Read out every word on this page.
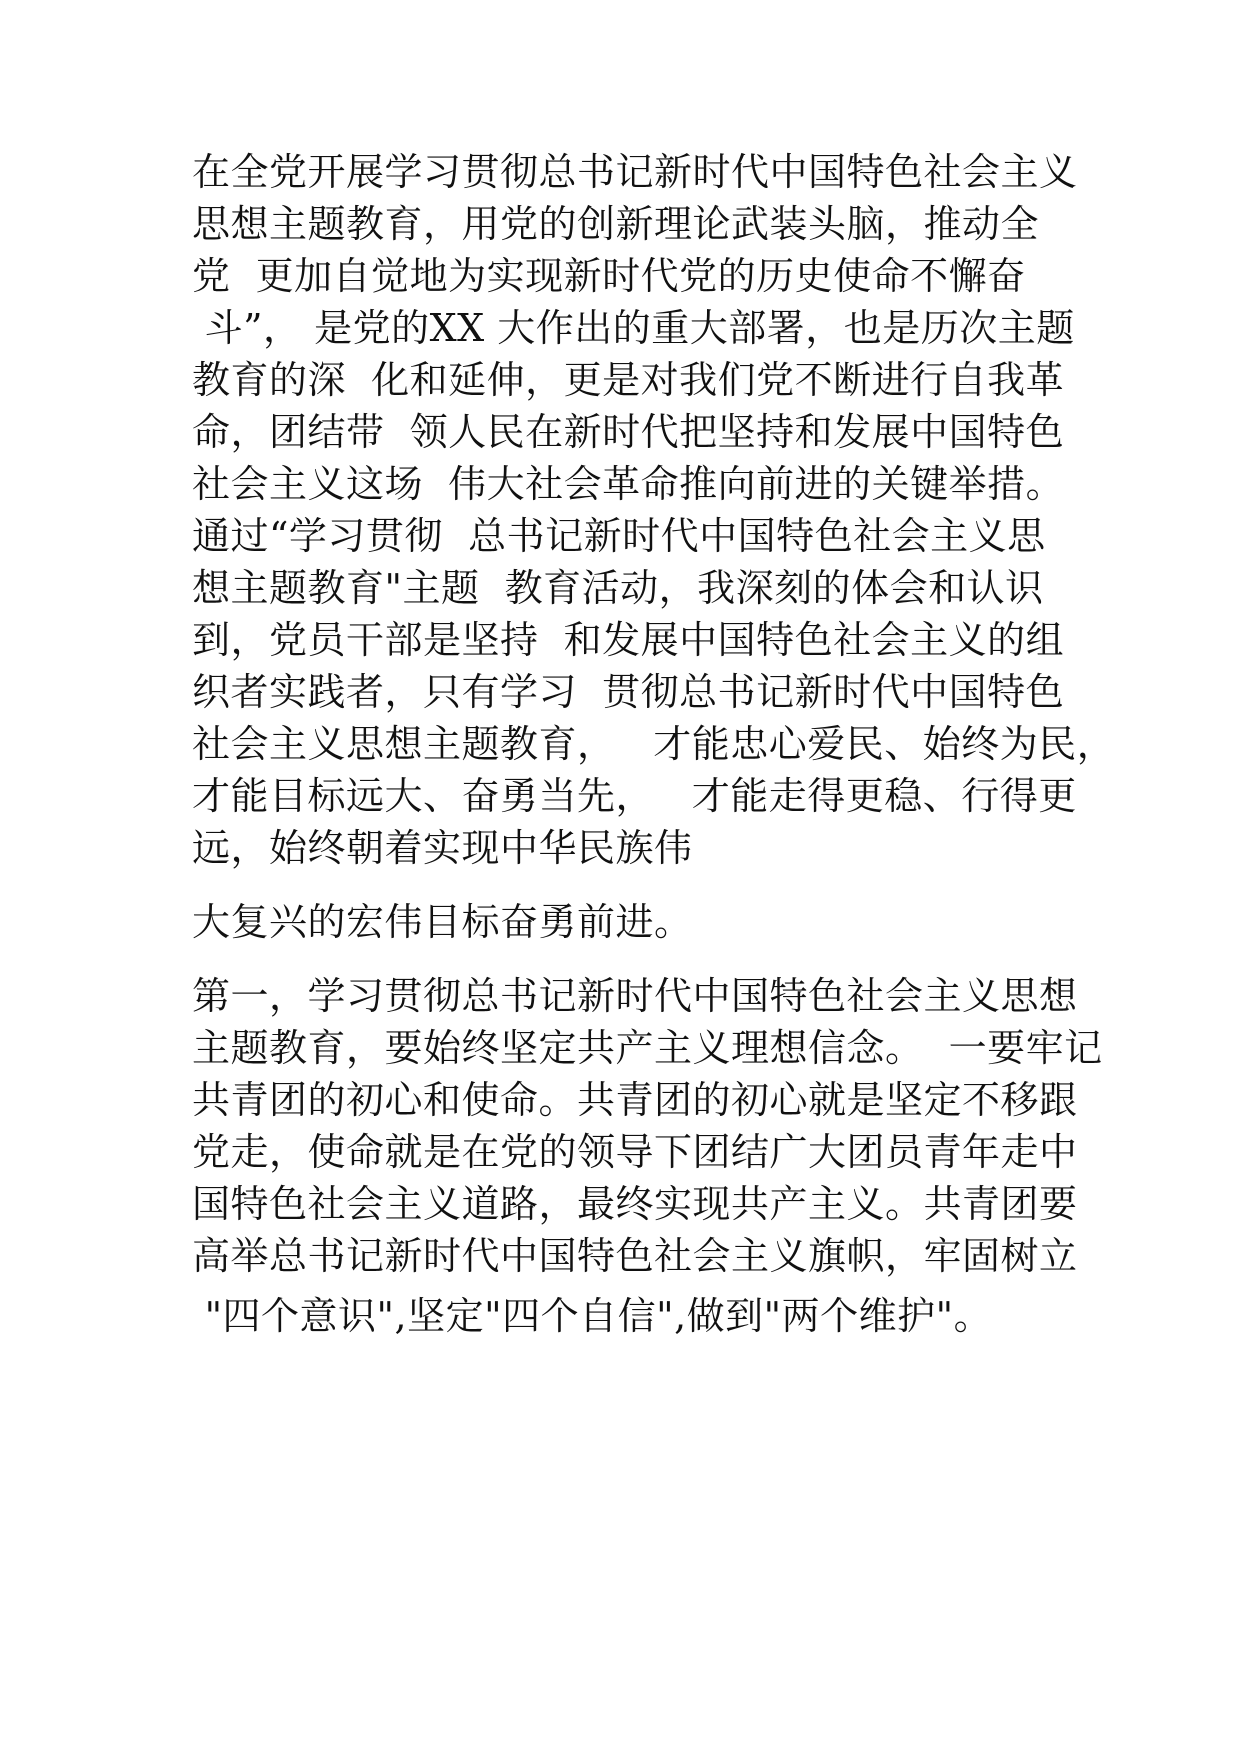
在全党开展学习贯彻总书记新时代中国特色社会主义
思想主题教育，用党的创新理论武装头脑，推动全
党  更加自觉地为实现新时代党的历史使命不懈奋
斗”， 是党的XX 大作出的重大部署，也是历次主题
教育的深  化和延伸，更是对我们党不断进行自我革
命，团结带  领人民在新时代把坚持和发展中国特色
社会主义这场  伟大社会革命推向前进的关键举措。
通过“学习贯彻  总书记新时代中国特色社会主义思
想主题教育"主题  教育活动，我深刻的体会和认识
到，党员干部是坚持  和发展中国特色社会主义的组
织者实践者，只有学习  贯彻总书记新时代中国特色
社会主义思想主题教育，   才能忠心爱民、始终为民，
才能目标远大、奋勇当先，   才能走得更稳、行得更
远，始终朝着实现中华民族伟
大复兴的宏伟目标奋勇前进。
第一，学习贯彻总书记新时代中国特色社会主义思想
主题教育，要始终坚定共产主义理想信念。  一要牢记
共青团的初心和使命。共青团的初心就是坚定不移跟
党走，使命就是在党的领导下团结广大团员青年走中
国特色社会主义道路，最终实现共产主义。共青团要
高举总书记新时代中国特色社会主义旗帜，牢固树立
"四个意识",坚定"四个自信",做到"两个维护"。
